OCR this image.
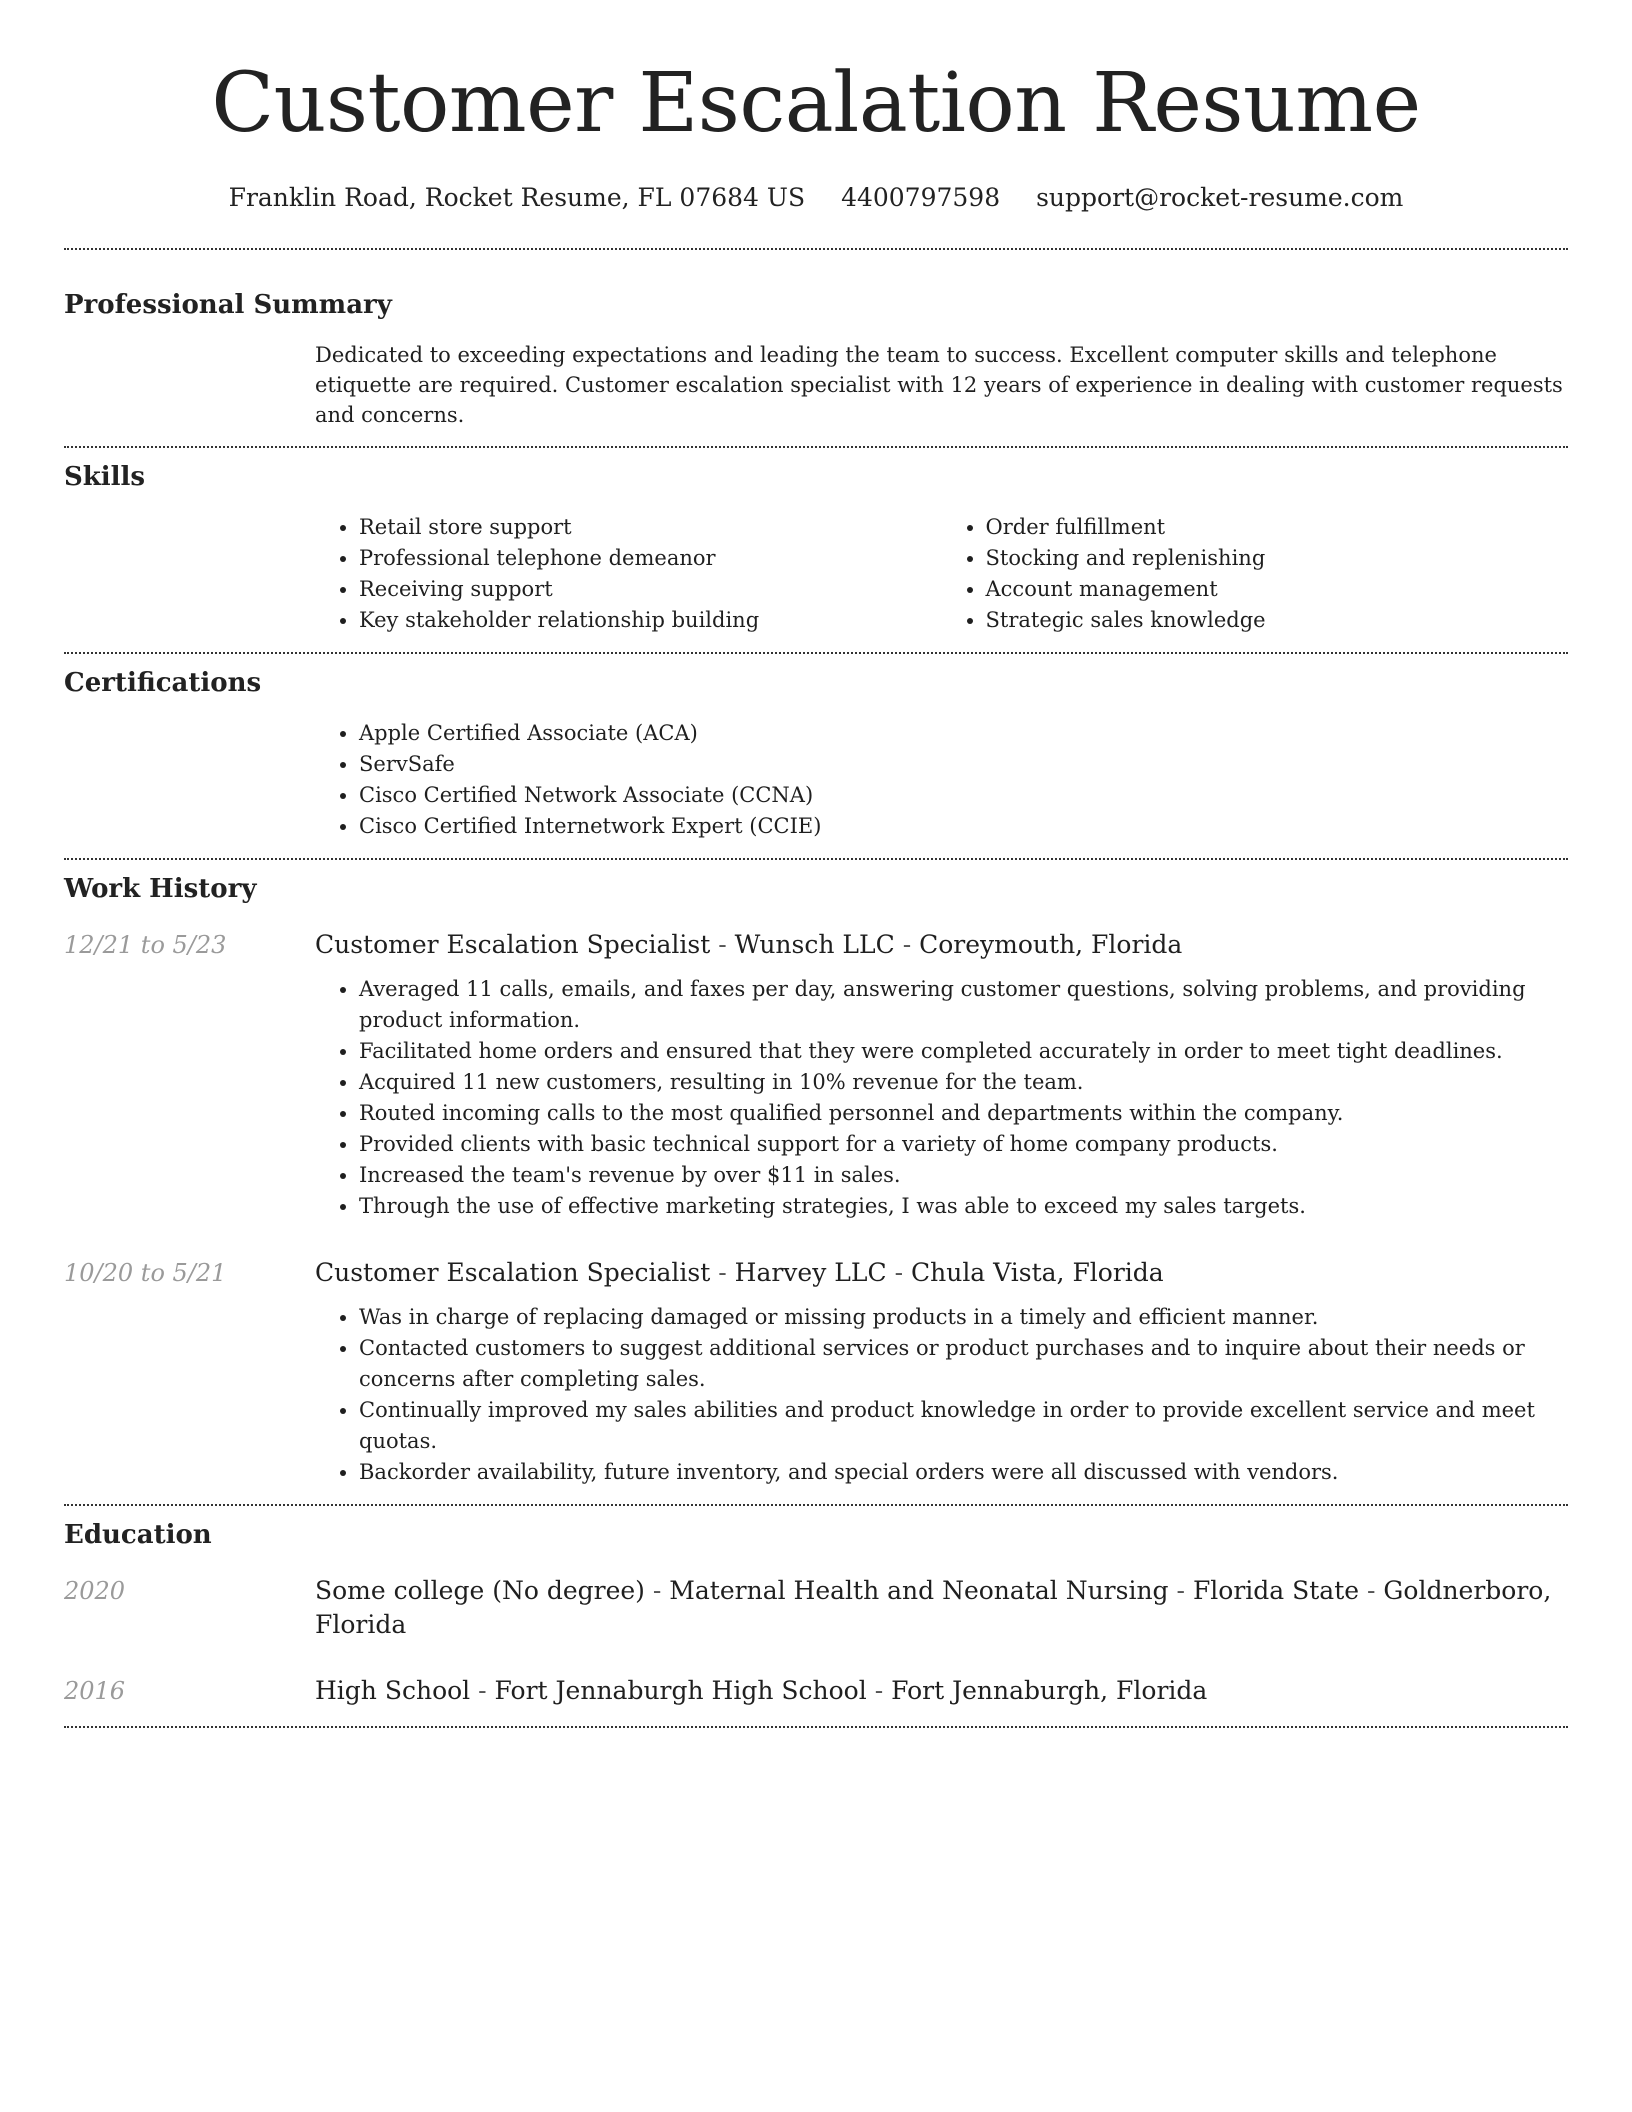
Customer Escalation Resume
Franklin Road, Rocket Resume, FL 07684 US 4400797598 support@rocket-resume.com
Professional Summary

Dedicated to exceeding expectations and leading the team to success. Excellent computer skills and telephone etiquette are required. Customer escalation specialist with 12 years of experience in dealing with customer requests and concerns.

Skills
• Retail store support
• Professional telephone demeanor
• Receiving support
• Key stakeholder relationship building
• Order fulfillment
• Stocking and replenishing
• Account management
• Strategic sales knowledge
Certifications
• Apple Certified Associate (ACA)
• ServSafe
• Cisco Certified Network Associate (CCNA)
• Cisco Certified Internetwork Expert (CCIE)
Work History
12/21 to 5/23	Customer Escalation Specialist - Wunsch LLC - Coreymouth, Florida
• Averaged 11 calls, emails, and faxes per day, answering customer questions, solving problems, and providing product information.
• Facilitated home orders and ensured that they were completed accurately in order to meet tight deadlines.
• Acquired 11 new customers, resulting in 10% revenue for the team.
• Routed incoming calls to the most qualified personnel and departments within the company.
• Provided clients with basic technical support for a variety of home company products.
• Increased the team's revenue by over $11 in sales.
• Through the use of effective marketing strategies, I was able to exceed my sales targets.
10/20 to 5/21	Customer Escalation Specialist - Harvey LLC - Chula Vista, Florida
• Was in charge of replacing damaged or missing products in a timely and efficient manner.
• Contacted customers to suggest additional services or product purchases and to inquire about their needs or concerns after completing sales.
• Continually improved my sales abilities and product knowledge in order to provide excellent service and meet quotas.
• Backorder availability, future inventory, and special orders were all discussed with vendors.
Education
2020	Some college (No degree) - Maternal Health and Neonatal Nursing - Florida State - Goldnerboro, Florida
2016	High School - Fort Jennaburgh High School - Fort Jennaburgh, Florida
